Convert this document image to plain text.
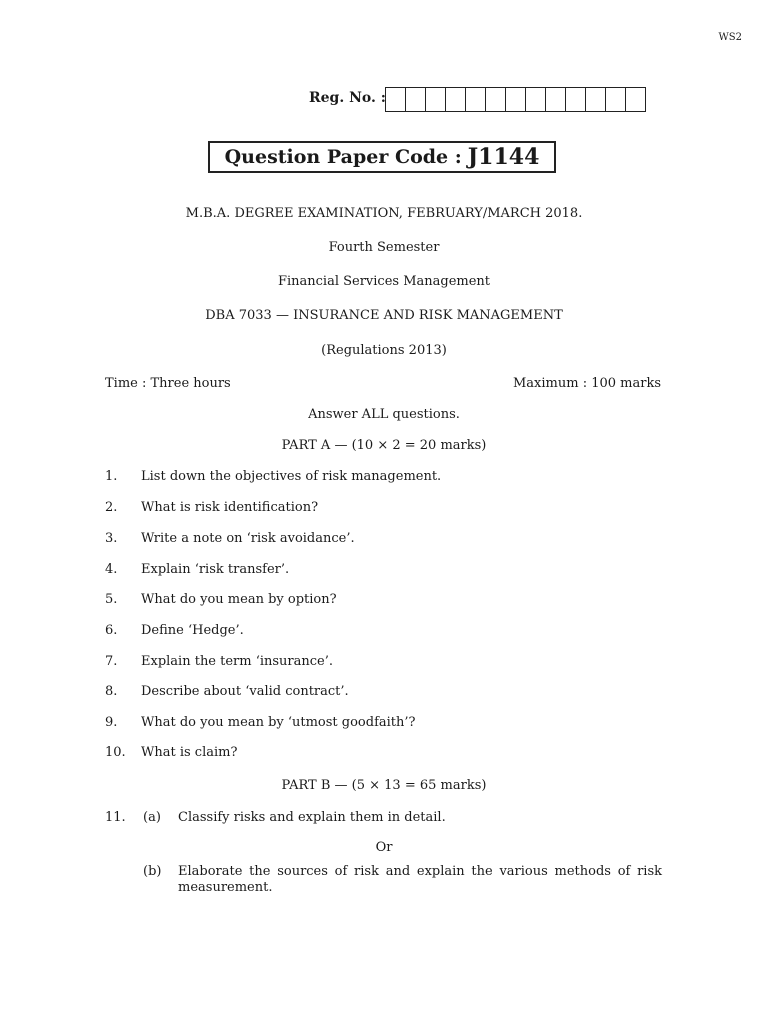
WS2
Reg. No. :
Question Paper Code : J1144
M.B.A. DEGREE EXAMINATION, FEBRUARY/MARCH 2018.
Fourth Semester
Financial Services Management
DBA 7033 — INSURANCE AND RISK MANAGEMENT
(Regulations 2013)
Time : Three hours	Maximum : 100 marks
Answer ALL questions.
PART A — (10 × 2 = 20 marks)
1. List down the objectives of risk management.
2. What is risk identification?
3. Write a note on ‘risk avoidance’.
4. Explain ‘risk transfer’.
5. What do you mean by option?
6. Define ‘Hedge’.
7. Explain the term ‘insurance’.
8. Describe about ‘valid contract’.
9. What do you mean by ‘utmost goodfaith’?
10. What is claim?
PART B — (5 × 13 = 65 marks)
11. (a) Classify risks and explain them in detail.
Or
(b) Elaborate the sources of risk and explain the various methods of risk measurement.
